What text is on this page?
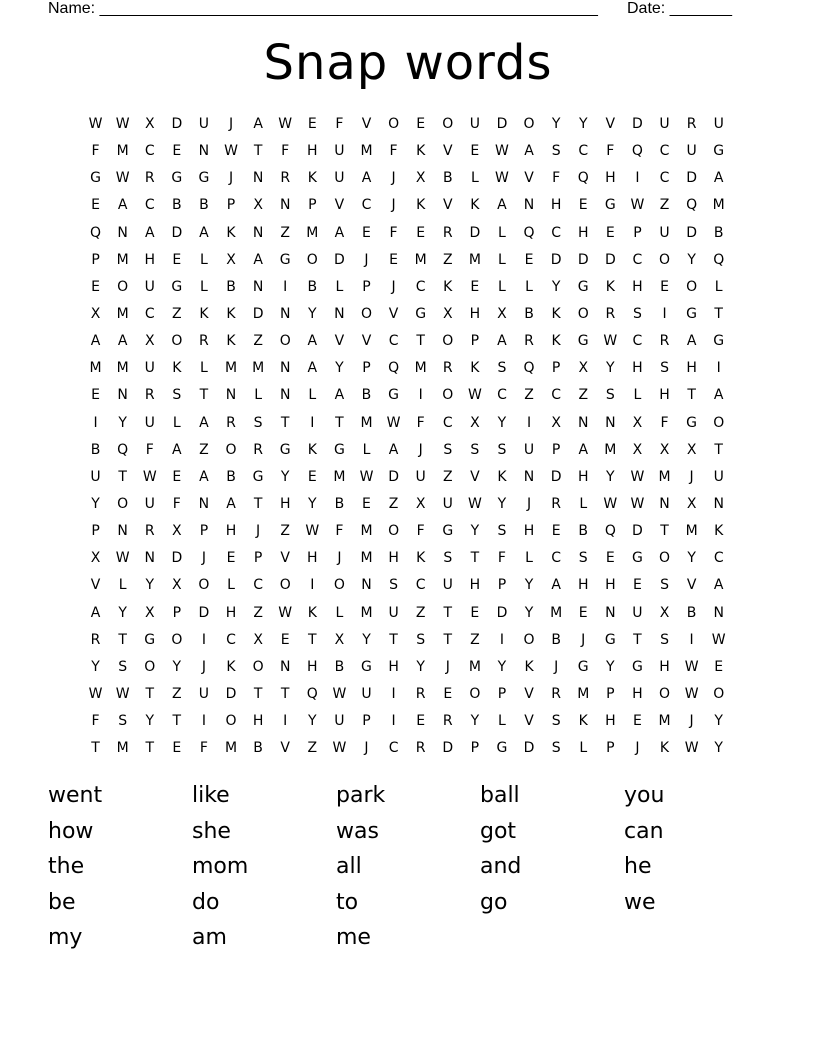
Name: ________________________________________________________ Date: _______
Snap words
W W	X	D	U	J	A	W	E	F	V	O	E	O	U	D	O	Y	Y	V	D	U	R	U
F	M	C	E	N	W	T	F	H	U	M	F	K	V	E	W	A	S	C	F	Q	C	U	G
G	W	R	G	G	J	N	R	K	U	A	J	X	B	L	W	V	F	Q	H	I	C	D	A
E	A	C	B	B	P	X	N	P	V	C	J	K	V	K	A	N	H	E	G	W	Z	Q	M
Q	N	A	D	A	K	N	Z	M	A	E	F	E	R	D	L	Q	C	H	E	P	U	D	B
P	M	H	E	L	X	A	G	O	D	J	E	M	Z	M	L	E	D	D	D	C	O	Y	Q
E	O	U	G	L	B	N	I	B	L	P	J	C	K	E	L	L	Y	G	K	H	E	O	L
X	M	C	Z	K	K	D	N	Y	N	O	V	G	X	H	X	B	K	O	R	S	I	G	T
A	A	X	O	R	K	Z	O	A	V	V	C	T	O	P	A	R	K	G	W	C	R	A	G
M	M	U	K	L	M	M	N	A	Y	P	Q	M	R	K	S	Q	P	X	Y	H	S	H	I
E	N	R	S	T	N	L	N	L	A	B	G	I	O	W	C	Z	C	Z	S	L	H	T	A
I	Y	U	L	A	R	S	T	I	T	M	W	F	C	X	Y	I	X	N	N	X	F	G	O
B	Q	F	A	Z	O	R	G	K	G	L	A	J	S	S	S	U	P	A	M	X	X	X	T
U	T	W	E	A	B	G	Y	E	M	W	D	U	Z	V	K	N	D	H	Y	W	M	J	U
Y	O	U	F	N	A	T	H	Y	B	E	Z	X	U	W	Y	J	R	L	W W	N	X	N
P	N	R	X	P	H	J	Z	W	F	M	O	F	G	Y	S	H	E	B	Q	D	T	M	K
X	W	N	D	J	E	P	V	H	J	M	H	K	S	T	F	L	C	S	E	G	O	Y	C
V	L	Y	X	O	L	C	O	I	O	N	S	C	U	H	P	Y	A	H	H	E	S	V	A
A	Y	X	P	D	H	Z	W	K	L	M	U	Z	T	E	D	Y	M	E	N	U	X	B	N
R	T	G	O	I	C	X	E	T	X	Y	T	S	T	Z	I	O	B	J	G	T	S	I	W
Y	S	O	Y	J	K	O	N	H	B	G	H	Y	J	M	Y	K	J	G	Y	G	H	W	E
W W	T	Z	U	D	T	T	Q	W	U	I	R	E	O	P	V	R	M	P	H	O	W	O
F	S	Y	T	I	O	H	I	Y	U	P	I	E	R	Y	L	V	S	K	H	E	M	J	Y
T	M	T	E	F	M	B	V	Z	W	J	C	R	D	P	G	D	S	L	P	J	K	W	Y
went	like	park	ball	you
how	she	was	got	can
the	mom	all	and	he
be	do	to	go	we
my	am	me
